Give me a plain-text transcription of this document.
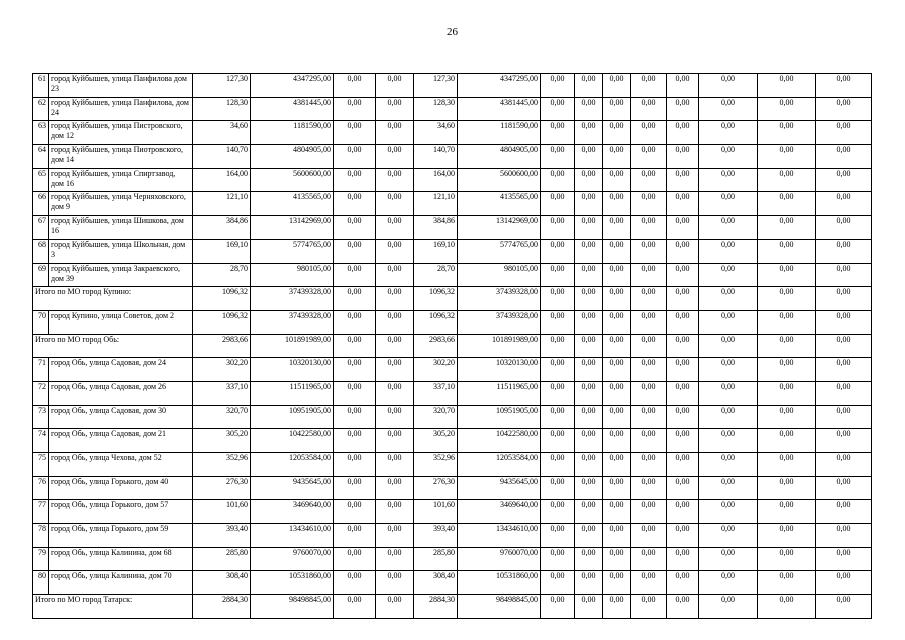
26
61	город Куйбышев, улица Панфилова дом 23	127,30	4347295,00	0,00	0,00	127,30	4347295,00	0,00	0,00	0,00	0,00	0,00	0,00	0,00	0,00
62	город Куйбышев, улица Панфилова, дом 24	128,30	4381445,00	0,00	0,00	128,30	4381445,00	0,00	0,00	0,00	0,00	0,00	0,00	0,00	0,00
63	город Куйбышев, улица Пистровского, дом 12	34,60	1181590,00	0,00	0,00	34,60	1181590,00	0,00	0,00	0,00	0,00	0,00	0,00	0,00	0,00
64	город Куйбышев, улица Пиотровского, дом 14	140,70	4804905,00	0,00	0,00	140,70	4804905,00	0,00	0,00	0,00	0,00	0,00	0,00	0,00	0,00
65	город Куйбышев, улица Спиртзавод, дом 16	164,00	5600600,00	0,00	0,00	164,00	5600600,00	0,00	0,00	0,00	0,00	0,00	0,00	0,00	0,00
66	город Куйбышев, улица Черняховского, дом 9	121,10	4135565,00	0,00	0,00	121,10	4135565,00	0,00	0,00	0,00	0,00	0,00	0,00	0,00	0,00
67	город Куйбышев, улица Шишкова, дом 16	384,86	13142969,00	0,00	0,00	384,86	13142969,00	0,00	0,00	0,00	0,00	0,00	0,00	0,00	0,00
68	город Куйбышев, улица Школьная, дом 3	169,10	5774765,00	0,00	0,00	169,10	5774765,00	0,00	0,00	0,00	0,00	0,00	0,00	0,00	0,00
69	город Куйбышев, улица Закраевского, дом 39	28,70	980105,00	0,00	0,00	28,70	980105,00	0,00	0,00	0,00	0,00	0,00	0,00	0,00	0,00
Итого по МО город Купино:		1096,32	37439328,00	0,00	0,00	1096,32	37439328,00	0,00	0,00	0,00	0,00	0,00	0,00	0,00	0,00
70	город Купино, улица Советов, дом 2	1096,32	37439328,00	0,00	0,00	1096,32	37439328,00	0,00	0,00	0,00	0,00	0,00	0,00	0,00	0,00
Итого по МО город Обь:		2983,66	101891989,00	0,00	0,00	2983,66	101891989,00	0,00	0,00	0,00	0,00	0,00	0,00	0,00	0,00
71	город Обь, улица Садовая, дом 24	302,20	10320130,00	0,00	0,00	302,20	10320130,00	0,00	0,00	0,00	0,00	0,00	0,00	0,00	0,00
72	город Обь, улица Садовая, дом 26	337,10	11511965,00	0,00	0,00	337,10	11511965,00	0,00	0,00	0,00	0,00	0,00	0,00	0,00	0,00
73	город Обь, улица Садовая, дом 30	320,70	10951905,00	0,00	0,00	320,70	10951905,00	0,00	0,00	0,00	0,00	0,00	0,00	0,00	0,00
74	город Обь, улица Садовая, дом 21	305,20	10422580,00	0,00	0,00	305,20	10422580,00	0,00	0,00	0,00	0,00	0,00	0,00	0,00	0,00
75	город Обь, улица Чехова, дом 52	352,96	12053584,00	0,00	0,00	352,96	12053584,00	0,00	0,00	0,00	0,00	0,00	0,00	0,00	0,00
76	город Обь, улица Горького, дом 40	276,30	9435645,00	0,00	0,00	276,30	9435645,00	0,00	0,00	0,00	0,00	0,00	0,00	0,00	0,00
77	город Обь, улица Горького, дом 57	101,60	3469640,00	0,00	0,00	101,60	3469640,00	0,00	0,00	0,00	0,00	0,00	0,00	0,00	0,00
78	город Обь, улица Горького, дом 59	393,40	13434610,00	0,00	0,00	393,40	13434610,00	0,00	0,00	0,00	0,00	0,00	0,00	0,00	0,00
79	город Обь, улица Калинина, дом 68	285,80	9760070,00	0,00	0,00	285,80	9760070,00	0,00	0,00	0,00	0,00	0,00	0,00	0,00	0,00
80	город Обь, улица Калинина, дом 70	308,40	10531860,00	0,00	0,00	308,40	10531860,00	0,00	0,00	0,00	0,00	0,00	0,00	0,00	0,00
Итого по МО город Татарск:		2884,30	98498845,00	0,00	0,00	2884,30	98498845,00	0,00	0,00	0,00	0,00	0,00	0,00	0,00	0,00
